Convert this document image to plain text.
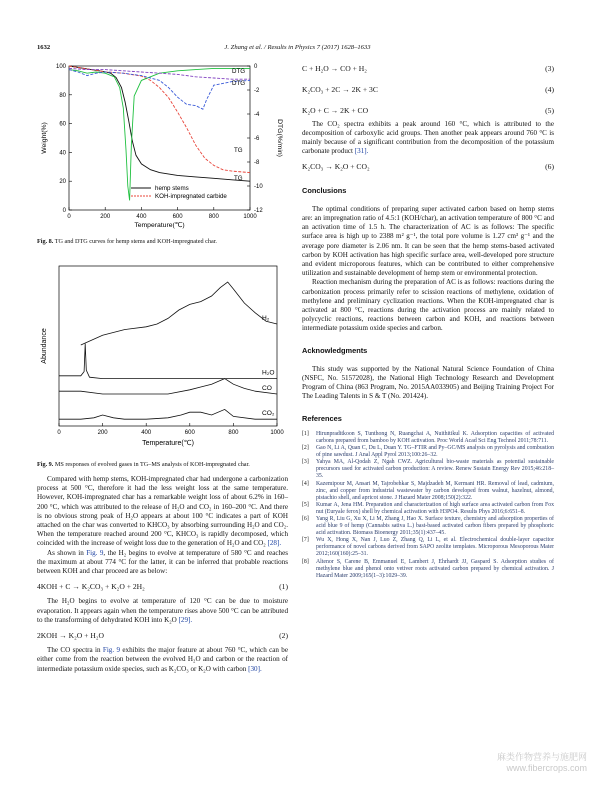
1632	J. Zhang et al. / Results in Physics 7 (2017) 1628–1633
0	200	400	600	800	1000
0
20
40
60
80
100	0
-2
-4
-6
-8
-10
-12
Temperature(℃)
Weight(%)	DTG(%/min)
DTG
DTG
TG
TG
hemp stems
KOH-impregnated carbide
Fig. 8. TG and DTG curves for hemp stems and KOH-impregnated char.
0	200	400	600	800	1000
Temperature(℃)
Abundance
H₂
H₂O
CO
CO₂
Fig. 9. MS responses of evolved gases in TG–MS analysis of KOH-impregnated char.

Compared with hemp stems, KOH-impregnated char had undergone a carbonization process at 500 °C, therefore it had the less weight loss at the same temperature. However, KOH-impregnated char has a remarkable weight loss of about 6.2% in 160–200 °C, which was attributed to the release of H₂O and CO₂ in 160–200 °C. And there is no obvious strong peak of H₂O appears at about 100 °C indicates a part of KOH attached on the char was converted to KHCO₃ by absorbing surrounding H₂O and CO₂. When the temperature reached around 200 °C, KHCO₃ is rapidly decomposed, which coincided with the increase of weight loss due to the generation of H₂O and CO₂ [28].

As shown in Fig. 9, the H₂ begins to evolve at temperature of 580 °C and reaches the maximum at about 774 °C for the latter, it can be inferred that probable reactions between KOH and char proceed are as below:

4KOH + C → K₂CO₃ + K₂O + 2H₂	(1)

The H₂O begins to evolve at temperature of 120 °C can be due to moisture evaporation. It appears again when the temperature rises above 500 °C can be attributed to the transforming of dehydrated KOH into K₂O [29].

2KOH → K₂O + H₂O	(2)

The CO spectra in Fig. 9 exhibits the major feature at about 760 °C, which can be either come from the reaction between the evolved H₂O and carbon or the reaction of intermediate potassium oxide species, such as K₂CO₃ or K₂O with carbon [30].

C + H₂O → CO + H₂	(3)
K₂CO₃ + 2C → 2K + 3C	(4)
K₂O + C → 2K + CO	(5)

The CO₂ spectra exhibits a peak around 160 °C, which is attributed to the decomposition of carboxylic acid groups. Then another peak appears around 760 °C is mainly because of a significant contribution from the decomposition of the potassium carbonate product [31].

K₂CO₃ → K₂O + CO₂	(6)
Conclusions

The optimal conditions of preparing super activated carbon based on hemp stems are: an impregnation ratio of 4.5:1 (KOH/char), an activation temperature of 800 °C and an activation time of 1.5 h. The characterization of AC is as follows: The specific surface area is high up to 2388 m² g⁻¹, the total pore volume is 1.27 cm³ g⁻¹ and the average pore diameter is 2.06 nm. It can be seen that the hemp stems-based activated carbon by KOH activation has high specific surface area, well-developed pore structure and evident microporous features, which can be contributed to either comprehensive utilization and sustainable development of hemp stem or environmental protection.

Reaction mechanism during the preparation of AC is as follows: reactions during the carbonization process primarily refer to scission reactions of methylene, oxidation of methylene and preliminary cyclization reactions. When the KOH-impregnated char is activated at 800 °C, reactions during the activation process are mainly related to polycyclic reactions, reactions between carbon and KOH, and reactions between intermediate potassium oxide species and carbon.

Acknowledgments

This study was supported by the National Natural Science Foundation of China (NSFC, No. 51572028), the National High Technology Research and Development Program of China (863 Program, No. 2015AA033905) and Beijing Training Project For The Leading Talents in S & T (No. 201424).

References
[1]	Hirunpraditkoon S, Tunthong N, Ruangchai A, Nuithitikul K. Adsorption capacities of activated carbons prepared from bamboo by KOH activation. Proc World Acad Sci Eng Technol 2011;78:711.
[2]	Gao N, Li A, Quan C, Du L, Duan Y. TG–FTIR and Py–GC/MS analysis on pyrolysis and combustion of pine sawdust. J Anal Appl Pyrol 2013;100:26–32.
[3]	Yahya MA, Al-Qodah Z, Ngah CWZ. Agricultural bio-waste materials as potential sustainable precursors used for activated carbon production: A review. Renew Sustain Energy Rev 2015;46:218–35.
[4]	Kazemipour M, Ansari M, Tajrobehkar S, Majdzadeh M, Kermani HR. Removal of lead, cadmium, zinc, and copper from industrial wastewater by carbon developed from walnut, hazelnut, almond, pistachio shell, and apricot stone. J Hazard Mater 2008;150(2):322.
[5]	Kumar A, Jena HM. Preparation and characterization of high surface area activated carbon from Fox nut (Euryale ferox) shell by chemical activation with H3PO4. Results Phys 2016;6:651–8.
[6]	Yang R, Liu G, Xu X, Li M, Zhang J, Hao X. Surface texture, chemistry and adsorption properties of acid blue 9 of hemp (Cannabis sativa L.) bast-based activated carbon fibers prepared by phosphoric acid activation. Biomass Bioenergy 2011;35(1):437–45.
[7]	Wu X, Hong X, Nan J, Luo Z, Zhang Q, Li L, et al. Electrochemical double-layer capacitor performance of novel carbons derived from SAPO zeolite templates. Microporous Mesoporous Mater 2012;160(160):25–31.
[8]	Altenor S, Carene B, Emmanuel E, Lambert J, Ehrhardt JJ, Gaspard S. Adsorption studies of methylene blue and phenol onto vetiver roots activated carbon prepared by chemical activation. J Hazard Mater 2009;165(1–3):1029–39.
麻类作物营养与施肥网
www.fibercrops.com
